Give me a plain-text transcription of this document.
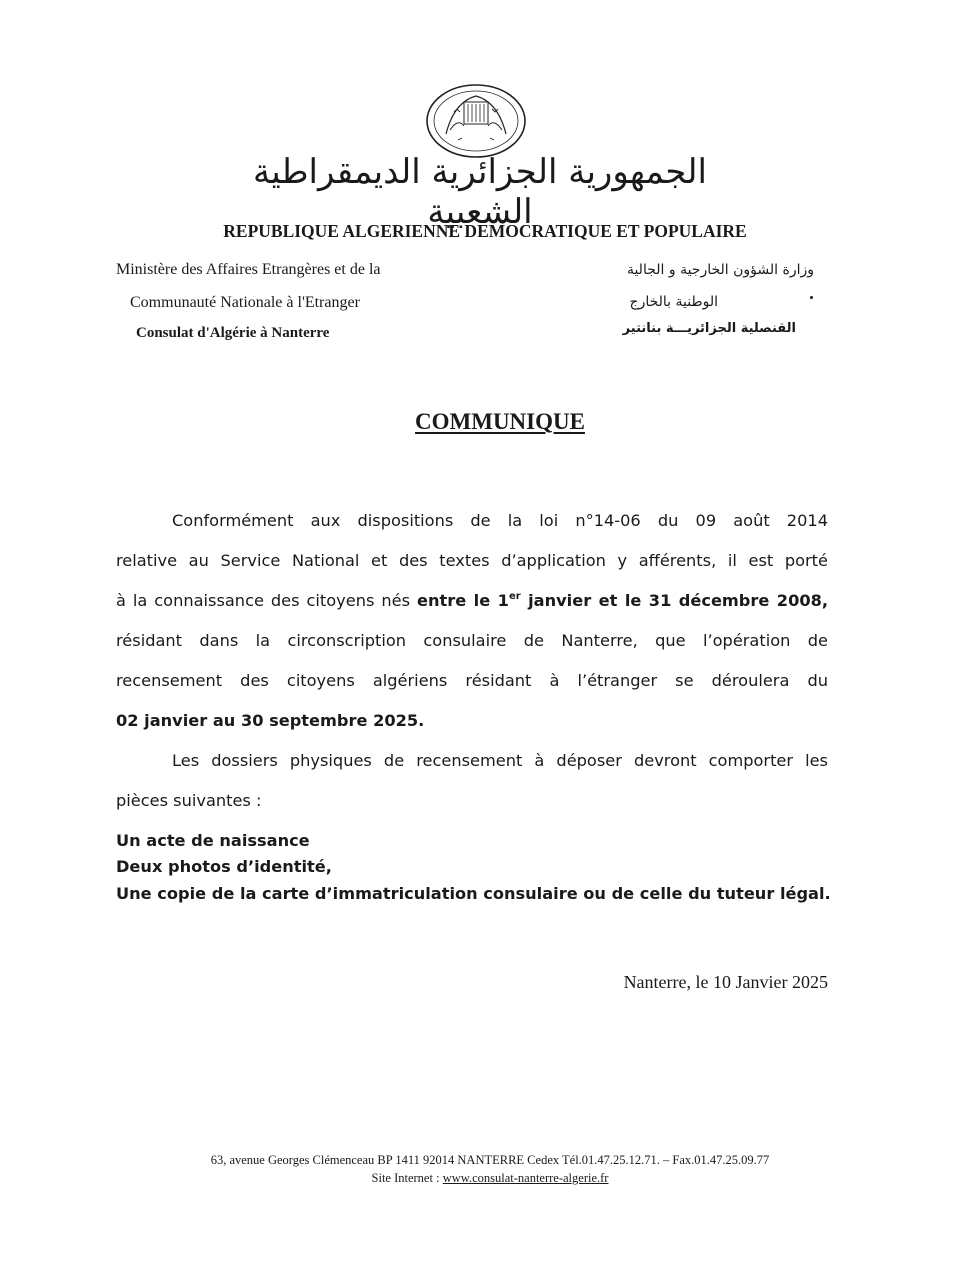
الجمهورية الجزائرية الديمقراطية الشعبية
REPUBLIQUE ALGERIENNE DEMOCRATIQUE ET POPULAIRE
Ministère des Affaires Etrangères et de la
Communauté Nationale à l'Etranger
Consulat d'Algérie à Nanterre
وزارة الشؤون الخارجية و الجالية
الوطنية بالخارج
القنصلية الجزائريـــة بنانتير
COMMUNIQUE
Conformément aux dispositions de la loi n°14-06 du 09 août 2014
relative au Service National et des textes d’application y afférents, il est porté
à la connaissance des citoyens nés entre le 1er janvier et le 31 décembre 2008,
résidant dans la circonscription consulaire de Nanterre, que l’opération de
recensement des citoyens algériens résidant à l’étranger se déroulera du
02 janvier au 30 septembre 2025.
Les dossiers physiques de recensement à déposer devront comporter les
pièces suivantes :
Un acte de naissance
Deux photos d’identité,
Une copie de la carte d’immatriculation consulaire ou de celle du tuteur légal.
Nanterre, le 10 Janvier 2025
63, avenue Georges Clémenceau BP 1411 92014 NANTERRE Cedex Tél.01.47.25.12.71. – Fax.01.47.25.09.77
Site Internet : www.consulat-nanterre-algerie.fr
